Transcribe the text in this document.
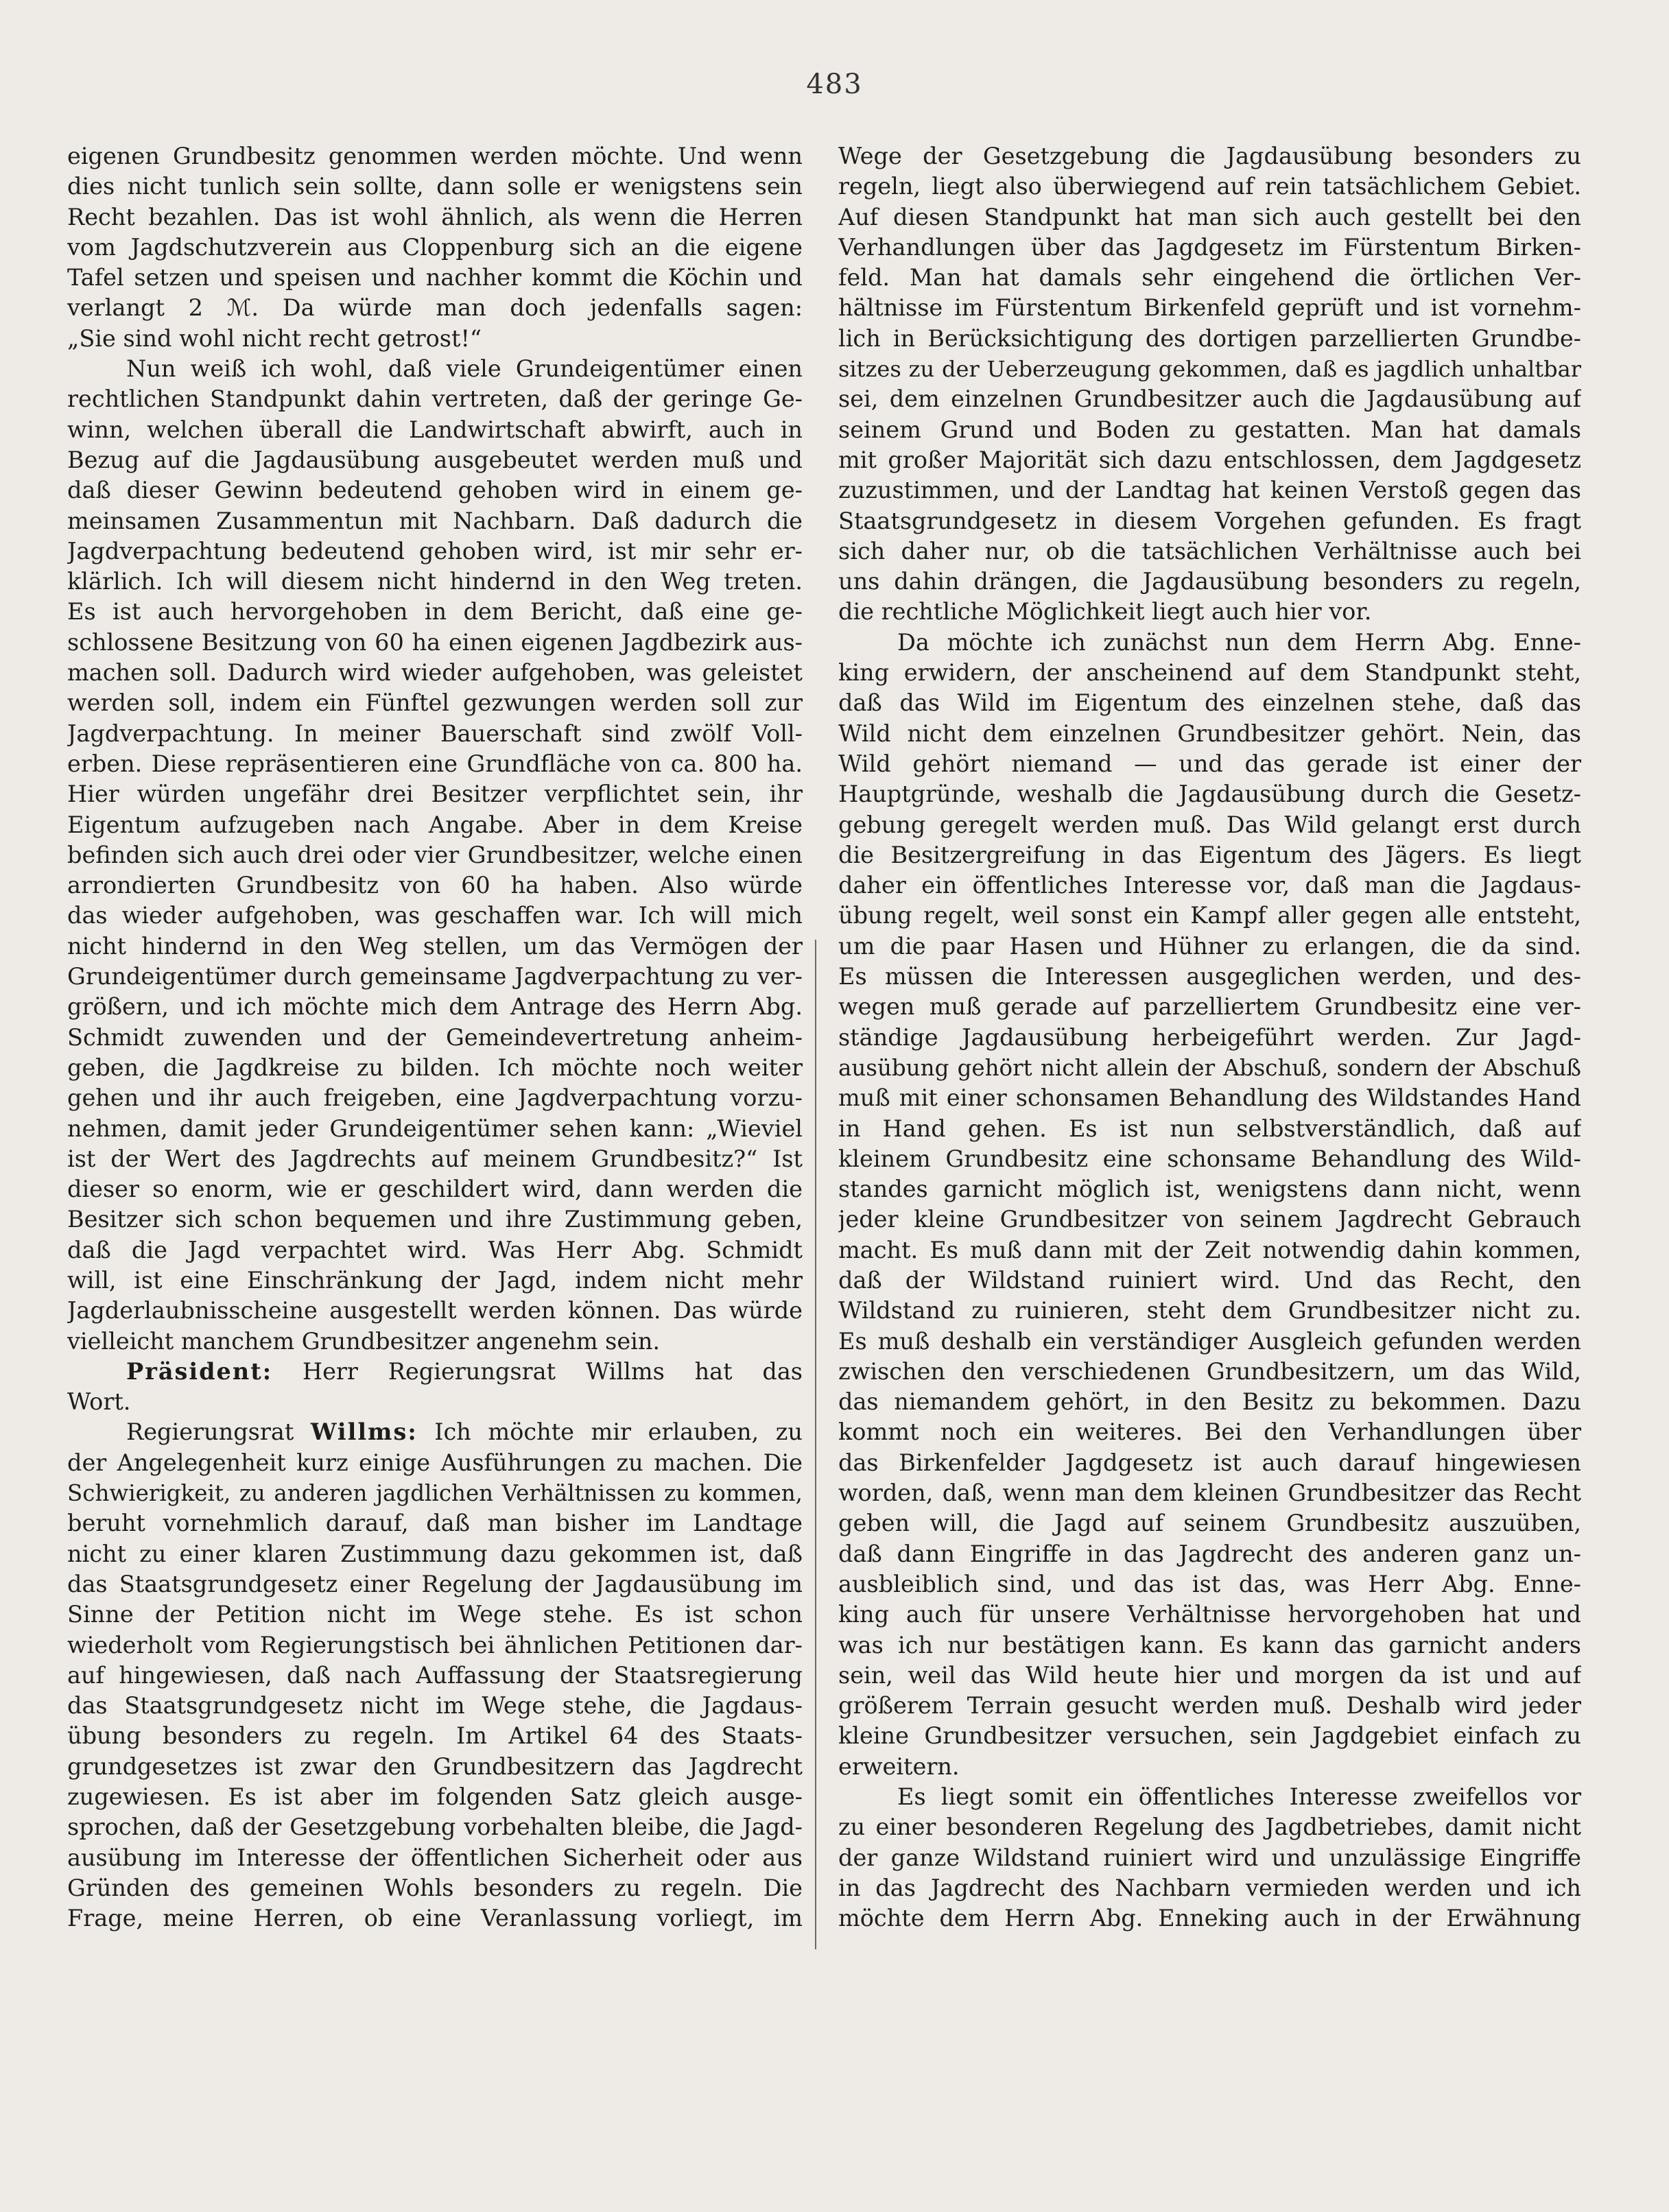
483
eigenen Grundbesitz genommen werden möchte. Und wenn
dies nicht tunlich sein sollte, dann solle er wenigstens sein
Recht bezahlen. Das ist wohl ähnlich, als wenn die Herren
vom Jagdschutzverein aus Cloppenburg sich an die eigene
Tafel setzen und speisen und nachher kommt die Köchin und
verlangt 2 ℳ. Da würde man doch jedenfalls sagen:
„Sie sind wohl nicht recht getrost!“
Nun weiß ich wohl, daß viele Grundeigentümer einen
rechtlichen Standpunkt dahin vertreten, daß der geringe Ge-
winn, welchen überall die Landwirtschaft abwirft, auch in
Bezug auf die Jagdausübung ausgebeutet werden muß und
daß dieser Gewinn bedeutend gehoben wird in einem ge-
meinsamen Zusammentun mit Nachbarn. Daß dadurch die
Jagdverpachtung bedeutend gehoben wird, ist mir sehr er-
klärlich. Ich will diesem nicht hindernd in den Weg treten.
Es ist auch hervorgehoben in dem Bericht, daß eine ge-
schlossene Besitzung von 60 ha einen eigenen Jagdbezirk aus-
machen soll. Dadurch wird wieder aufgehoben, was geleistet
werden soll, indem ein Fünftel gezwungen werden soll zur
Jagdverpachtung. In meiner Bauerschaft sind zwölf Voll-
erben. Diese repräsentieren eine Grundfläche von ca. 800 ha.
Hier würden ungefähr drei Besitzer verpflichtet sein, ihr
Eigentum aufzugeben nach Angabe. Aber in dem Kreise
befinden sich auch drei oder vier Grundbesitzer, welche einen
arrondierten Grundbesitz von 60 ha haben. Also würde
das wieder aufgehoben, was geschaffen war. Ich will mich
nicht hindernd in den Weg stellen, um das Vermögen der
Grundeigentümer durch gemeinsame Jagdverpachtung zu ver-
größern, und ich möchte mich dem Antrage des Herrn Abg.
Schmidt zuwenden und der Gemeindevertretung anheim-
geben, die Jagdkreise zu bilden. Ich möchte noch weiter
gehen und ihr auch freigeben, eine Jagdverpachtung vorzu-
nehmen, damit jeder Grundeigentümer sehen kann: „Wieviel
ist der Wert des Jagdrechts auf meinem Grundbesitz?“ Ist
dieser so enorm, wie er geschildert wird, dann werden die
Besitzer sich schon bequemen und ihre Zustimmung geben,
daß die Jagd verpachtet wird. Was Herr Abg. Schmidt
will, ist eine Einschränkung der Jagd, indem nicht mehr
Jagderlaubnisscheine ausgestellt werden können. Das würde
vielleicht manchem Grundbesitzer angenehm sein.
Präsident: Herr Regierungsrat Willms hat das
Wort.
Regierungsrat Willms: Ich möchte mir erlauben, zu
der Angelegenheit kurz einige Ausführungen zu machen. Die
Schwierigkeit, zu anderen jagdlichen Verhältnissen zu kommen,
beruht vornehmlich darauf, daß man bisher im Landtage
nicht zu einer klaren Zustimmung dazu gekommen ist, daß
das Staatsgrundgesetz einer Regelung der Jagdausübung im
Sinne der Petition nicht im Wege stehe. Es ist schon
wiederholt vom Regierungstisch bei ähnlichen Petitionen dar-
auf hingewiesen, daß nach Auffassung der Staatsregierung
das Staatsgrundgesetz nicht im Wege stehe, die Jagdaus-
übung besonders zu regeln. Im Artikel 64 des Staats-
grundgesetzes ist zwar den Grundbesitzern das Jagdrecht
zugewiesen. Es ist aber im folgenden Satz gleich ausge-
sprochen, daß der Gesetzgebung vorbehalten bleibe, die Jagd-
ausübung im Interesse der öffentlichen Sicherheit oder aus
Gründen des gemeinen Wohls besonders zu regeln. Die
Frage, meine Herren, ob eine Veranlassung vorliegt, im
Wege der Gesetzgebung die Jagdausübung besonders zu
regeln, liegt also überwiegend auf rein tatsächlichem Gebiet.
Auf diesen Standpunkt hat man sich auch gestellt bei den
Verhandlungen über das Jagdgesetz im Fürstentum Birken-
feld. Man hat damals sehr eingehend die örtlichen Ver-
hältnisse im Fürstentum Birkenfeld geprüft und ist vornehm-
lich in Berücksichtigung des dortigen parzellierten Grundbe-
sitzes zu der Ueberzeugung gekommen, daß es jagdlich unhaltbar
sei, dem einzelnen Grundbesitzer auch die Jagdausübung auf
seinem Grund und Boden zu gestatten. Man hat damals
mit großer Majorität sich dazu entschlossen, dem Jagdgesetz
zuzustimmen, und der Landtag hat keinen Verstoß gegen das
Staatsgrundgesetz in diesem Vorgehen gefunden. Es fragt
sich daher nur, ob die tatsächlichen Verhältnisse auch bei
uns dahin drängen, die Jagdausübung besonders zu regeln,
die rechtliche Möglichkeit liegt auch hier vor.
Da möchte ich zunächst nun dem Herrn Abg. Enne-
king erwidern, der anscheinend auf dem Standpunkt steht,
daß das Wild im Eigentum des einzelnen stehe, daß das
Wild nicht dem einzelnen Grundbesitzer gehört. Nein, das
Wild gehört niemand — und das gerade ist einer der
Hauptgründe, weshalb die Jagdausübung durch die Gesetz-
gebung geregelt werden muß. Das Wild gelangt erst durch
die Besitzergreifung in das Eigentum des Jägers. Es liegt
daher ein öffentliches Interesse vor, daß man die Jagdaus-
übung regelt, weil sonst ein Kampf aller gegen alle entsteht,
um die paar Hasen und Hühner zu erlangen, die da sind.
Es müssen die Interessen ausgeglichen werden, und des-
wegen muß gerade auf parzelliertem Grundbesitz eine ver-
ständige Jagdausübung herbeigeführt werden. Zur Jagd-
ausübung gehört nicht allein der Abschuß, sondern der Abschuß
muß mit einer schonsamen Behandlung des Wildstandes Hand
in Hand gehen. Es ist nun selbstverständlich, daß auf
kleinem Grundbesitz eine schonsame Behandlung des Wild-
standes garnicht möglich ist, wenigstens dann nicht, wenn
jeder kleine Grundbesitzer von seinem Jagdrecht Gebrauch
macht. Es muß dann mit der Zeit notwendig dahin kommen,
daß der Wildstand ruiniert wird. Und das Recht, den
Wildstand zu ruinieren, steht dem Grundbesitzer nicht zu.
Es muß deshalb ein verständiger Ausgleich gefunden werden
zwischen den verschiedenen Grundbesitzern, um das Wild,
das niemandem gehört, in den Besitz zu bekommen. Dazu
kommt noch ein weiteres. Bei den Verhandlungen über
das Birkenfelder Jagdgesetz ist auch darauf hingewiesen
worden, daß, wenn man dem kleinen Grundbesitzer das Recht
geben will, die Jagd auf seinem Grundbesitz auszuüben,
daß dann Eingriffe in das Jagdrecht des anderen ganz un-
ausbleiblich sind, und das ist das, was Herr Abg. Enne-
king auch für unsere Verhältnisse hervorgehoben hat und
was ich nur bestätigen kann. Es kann das garnicht anders
sein, weil das Wild heute hier und morgen da ist und auf
größerem Terrain gesucht werden muß. Deshalb wird jeder
kleine Grundbesitzer versuchen, sein Jagdgebiet einfach zu
erweitern.
Es liegt somit ein öffentliches Interesse zweifellos vor
zu einer besonderen Regelung des Jagdbetriebes, damit nicht
der ganze Wildstand ruiniert wird und unzulässige Eingriffe
in das Jagdrecht des Nachbarn vermieden werden und ich
möchte dem Herrn Abg. Enneking auch in der Erwähnung
